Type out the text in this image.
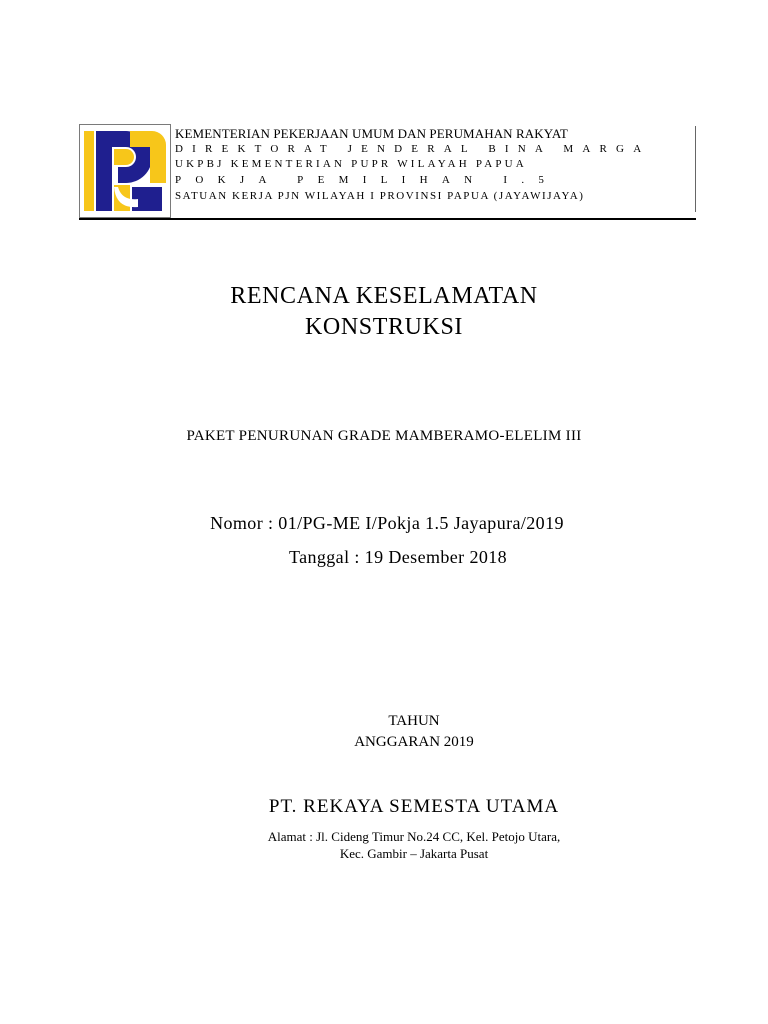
KEMENTERIAN PEKERJAAN UMUM DAN PERUMAHAN RAKYAT
DIREKTORAT JENDERAL BINA MARGA
UKPBJ KEMENTERIAN PUPR WILAYAH PAPUA
POKJA PEMILIHAN I.5
SATUAN KERJA PJN WILAYAH I PROVINSI PAPUA (JAYAWIJAYA)
RENCANA KESELAMATAN
KONSTRUKSI
PAKET PENURUNAN GRADE MAMBERAMO-ELELIM III
Nomor : 01/PG-ME I/Pokja 1.5 Jayapura/2019
Tanggal : 19 Desember 2018
TAHUN
ANGGARAN 2019
PT. REKAYA SEMESTA UTAMA
Alamat : Jl. Cideng Timur No.24 CC, Kel. Petojo Utara,
Kec. Gambir – Jakarta Pusat
